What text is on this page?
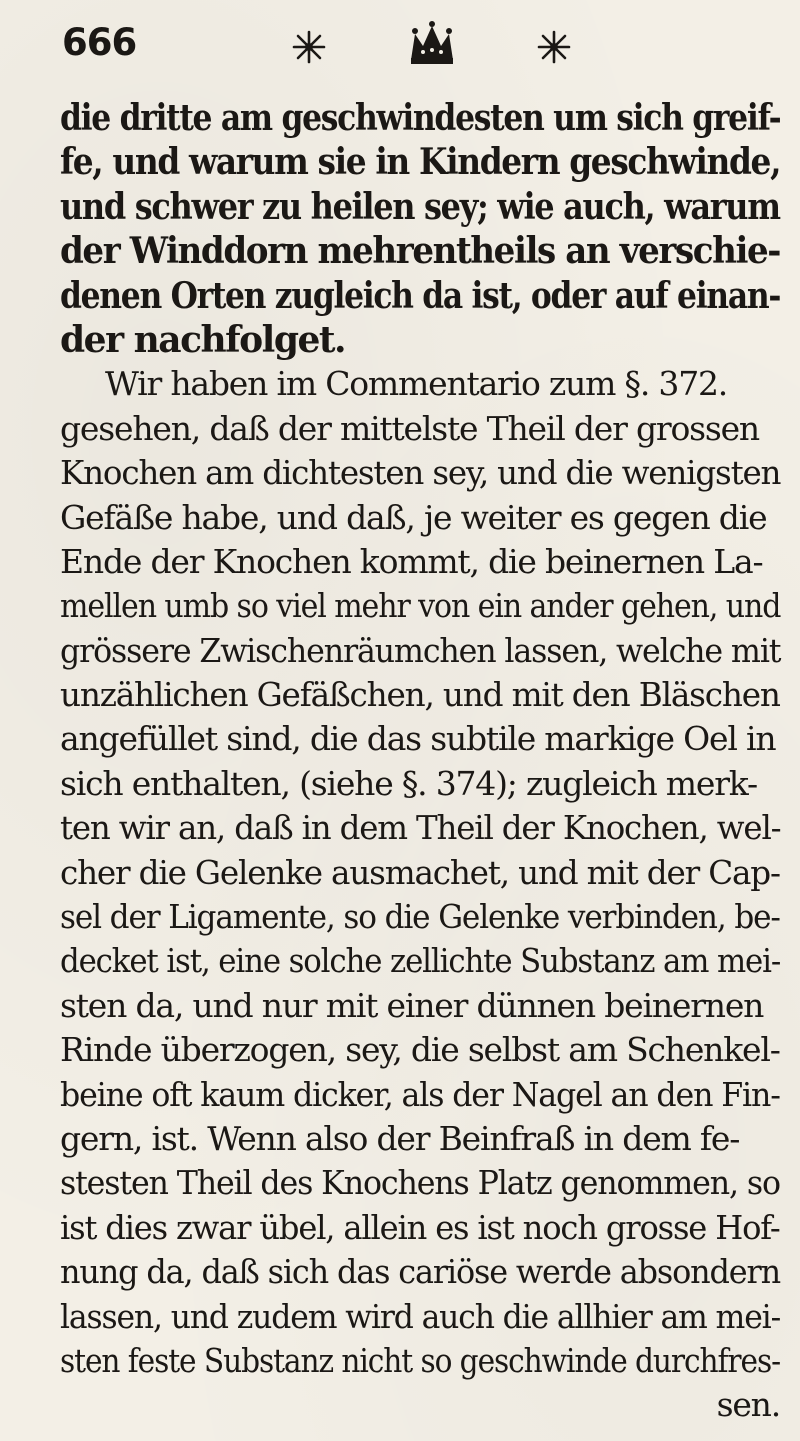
666
die dritte am geschwindesten um sich greif-
fe, und warum sie in Kindern geschwinde,
und schwer zu heilen sey; wie auch, warum
der Winddorn mehrentheils an verschie-
denen Orten zugleich da ist, oder auf einan-
der nachfolget.
Wir haben im Commentario zum §. 372.
gesehen, daß der mittelste Theil der grossen
Knochen am dichtesten sey, und die wenigsten
Gefäße habe, und daß, je weiter es gegen die
Ende der Knochen kommt, die beinernen La-
mellen umb so viel mehr von ein ander gehen, und
grössere Zwischenräumchen lassen, welche mit
unzählichen Gefäßchen, und mit den Bläschen
angefüllet sind, die das subtile markige Oel in
sich enthalten, (siehe §. 374); zugleich merk-
ten wir an, daß in dem Theil der Knochen, wel-
cher die Gelenke ausmachet, und mit der Cap-
sel der Ligamente, so die Gelenke verbinden, be-
decket ist, eine solche zellichte Substanz am mei-
sten da, und nur mit einer dünnen beinernen
Rinde überzogen, sey, die selbst am Schenkel-
beine oft kaum dicker, als der Nagel an den Fin-
gern, ist. Wenn also der Beinfraß in dem fe-
stesten Theil des Knochens Platz genommen, so
ist dies zwar übel, allein es ist noch grosse Hof-
nung da, daß sich das cariöse werde absondern
lassen, und zudem wird auch die allhier am mei-
sten feste Substanz nicht so geschwinde durchfres-
sen.
